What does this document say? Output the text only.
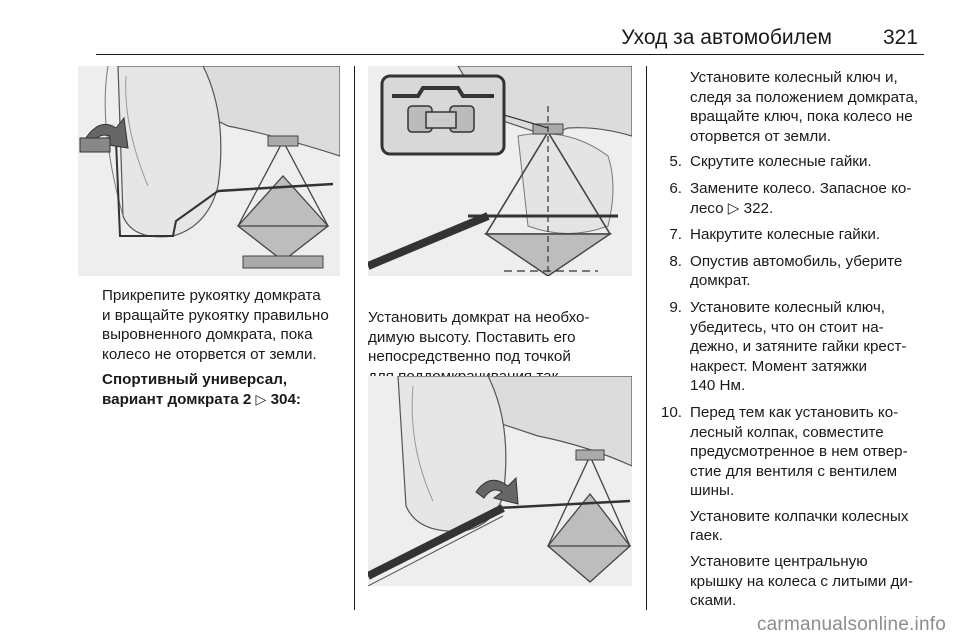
Уход за автомобилем 321

Прикрепите рукоятку домкрата
и вращайте рукоятку правильно
выровненного домкрата, пока
колесо не оторвется от земли.

Спортивный универсал,
вариант домкрата 2 ▷ 304:

Установить домкрат на необхо-
димую высоту. Поставить его
непосредственно под точкой

Установите колесный ключ и,
следя за положением домкрата,
вращайте ключ, пока колесо не
оторвется от земли.

5. Скрутите колесные гайки.
6. Замените колесо. Запасное ко-
лесо ▷ 322.
7. Накрутите колесные гайки.
8. Опустив автомобиль, уберите
домкрат.
9. Установите колесный ключ,
убедитесь, что он стоит на-
дежно, и затяните гайки крест-
накрест. Момент затяжки
140 Нм.
10. Перед тем как установить ко-
лесный колпак, совместите
предусмотренное в нем отвер-
стие для вентиля с вентилем
шины.
Установите колпачки колесных
гаек.
Установите центральную
крышку на колеса с литыми ди-
сками.
carmanualsonline.info
